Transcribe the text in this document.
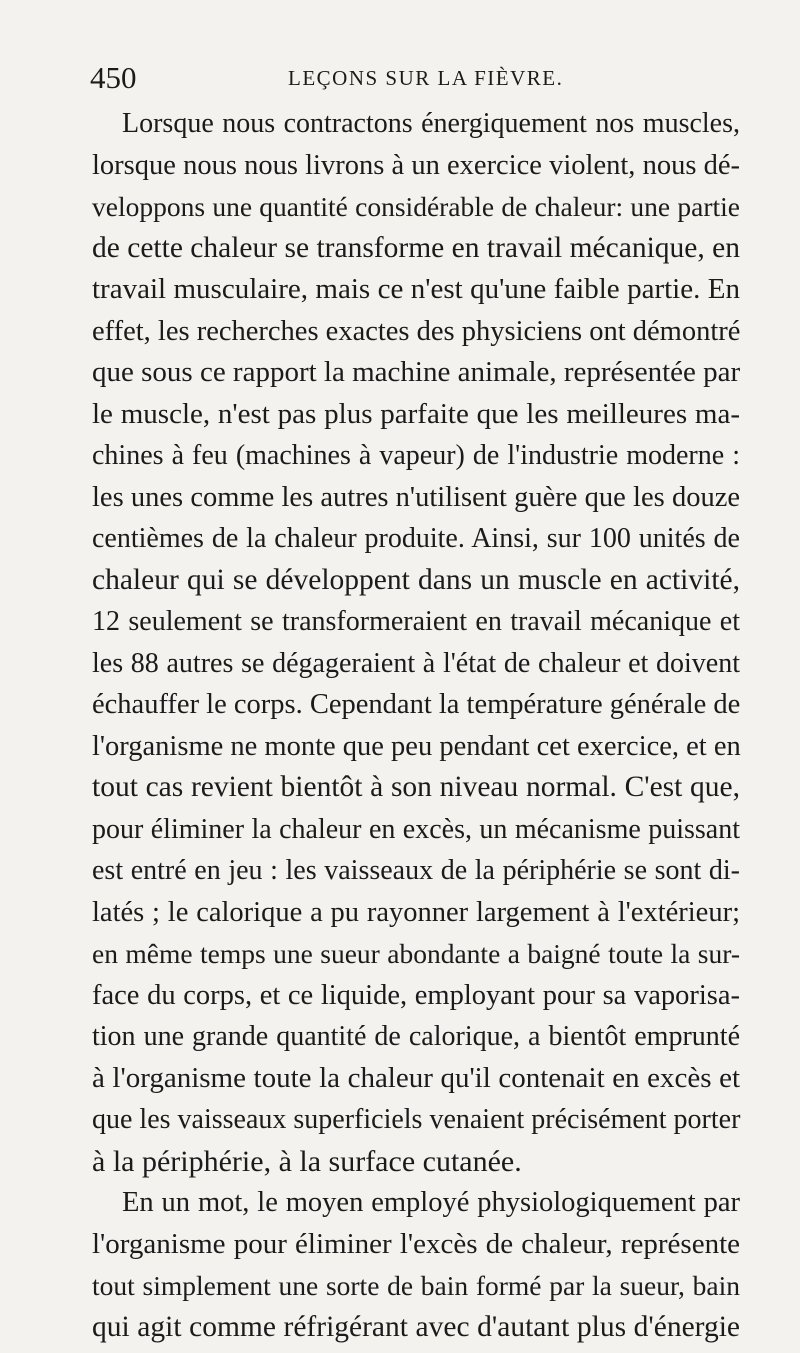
450	LEÇONS SUR LA FIÈVRE.
Lorsque nous contractons énergiquement nos muscles,
lorsque nous nous livrons à un exercice violent, nous dé-
veloppons une quantité considérable de chaleur: une partie
de cette chaleur se transforme en travail mécanique, en
travail musculaire, mais ce n'est qu'une faible partie. En
effet, les recherches exactes des physiciens ont démontré
que sous ce rapport la machine animale, représentée par
le muscle, n'est pas plus parfaite que les meilleures ma-
chines à feu (machines à vapeur) de l'industrie moderne :
les unes comme les autres n'utilisent guère que les douze
centièmes de la chaleur produite. Ainsi, sur 100 unités de
chaleur qui se développent dans un muscle en activité,
12 seulement se transformeraient en travail mécanique et
les 88 autres se dégageraient à l'état de chaleur et doivent
échauffer le corps. Cependant la température générale de
l'organisme ne monte que peu pendant cet exercice, et en
tout cas revient bientôt à son niveau normal. C'est que,
pour éliminer la chaleur en excès, un mécanisme puissant
est entré en jeu : les vaisseaux de la périphérie se sont di-
latés ; le calorique a pu rayonner largement à l'extérieur;
en même temps une sueur abondante a baigné toute la sur-
face du corps, et ce liquide, employant pour sa vaporisa-
tion une grande quantité de calorique, a bientôt emprunté
à l'organisme toute la chaleur qu'il contenait en excès et
que les vaisseaux superficiels venaient précisément porter
à la périphérie, à la surface cutanée.
En un mot, le moyen employé physiologiquement par
l'organisme pour éliminer l'excès de chaleur, représente
tout simplement une sorte de bain formé par la sueur, bain
qui agit comme réfrigérant avec d'autant plus d'énergie
